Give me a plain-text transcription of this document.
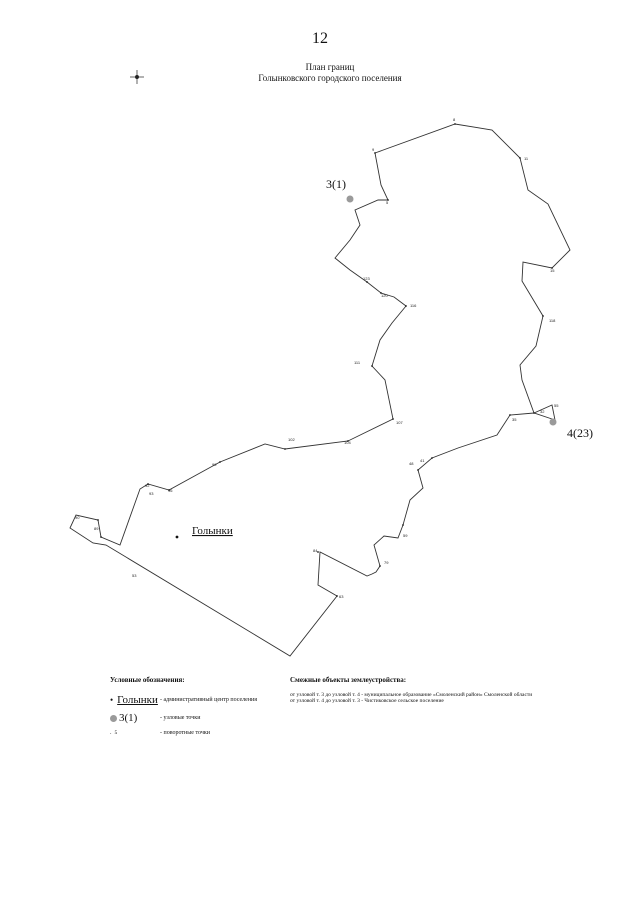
12
План границ
Голынковского городского поселения
3(1)
4(23)
8
9
11
5
123
120
116
15
118
111
107
104
102
99
96
92
93
90
89
53
63
84
79
59
48
41
55
35
32
Голынки
Условные обозначения:
• Голынки - административный центр поселения
3(1)	- узловые точки
. 5	- поворотные точки
Смежные объекты землеустройства:
от узловой т. 3 до узловой т. 4 - муниципальное образование «Смоленский район» Смоленской области
от узловой т. 4 до узловой т. 3 - Чистиковское сельское поселение
